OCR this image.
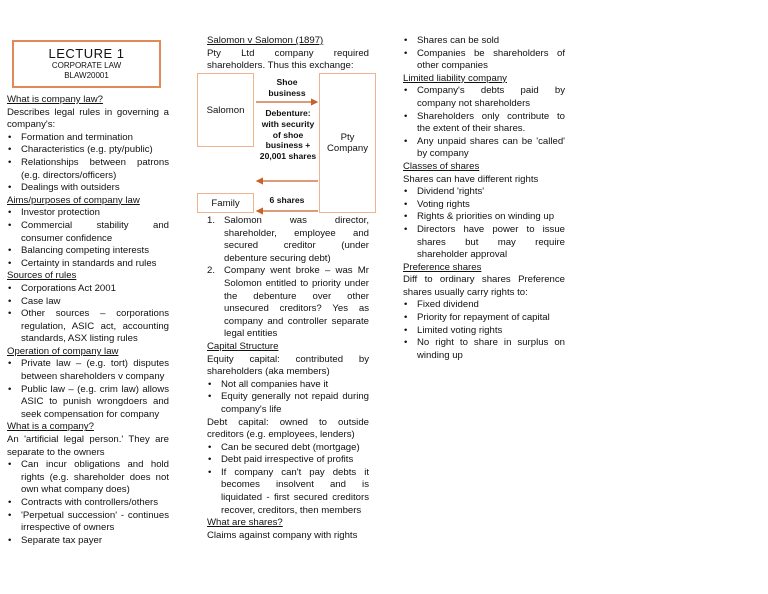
LECTURE 1
CORPORATE LAW
BLAW20001

What is company law?

Describes legal rules in governing a company's:

• Formation and termination
• Characteristics (e.g. pty/public)
• Relationships between patrons (e.g. directors/officers)
• Dealings with outsiders

Aims/purposes of company law

• Investor protection
• Commercial stability and consumer confidence
• Balancing competing interests
• Certainty in standards and rules

Sources of rules

• Corporations Act 2001
• Case law
• Other sources – corporations regulation, ASIC act, accounting standards, ASX listing rules

Operation of company law

• Private law – (e.g. tort) disputes between shareholders v company
• Public law – (e.g. crim law) allows ASIC to punish wrongdoers and seek compensation for company

What is a company?

An 'artificial legal person.' They are separate to the owners

• Can incur obligations and hold rights (e.g. shareholder does not own what company does)
• Contracts with controllers/others
• 'Perpetual succession' - continues irrespective of owners
• Separate tax payer

Salomon v Salomon (1897)

Pty Ltd company required shareholders. Thus this exchange:

Salomon
Pty Company
Family
Shoe business
Debenture: with security of shoe business + 20,001 shares
6 shares
Salomon was director, shareholder, employee and secured creditor (under debenture securing debt)
Company went broke – was Mr Solomon entitled to priority under the debenture over other unsecured creditors? Yes as company and controller separate legal entities

Capital Structure

Equity capital: contributed by shareholders (aka members)

• Not all companies have it
• Equity generally not repaid during company's life

Debt capital: owned to outside creditors (e.g. employees, lenders)

• Can be secured debt (mortgage)
• Debt paid irrespective of profits
• If company can't pay debts it becomes insolvent and is liquidated - first secured creditors recover, creditors, then members

What are shares?

Claims against company with rights

• Shares can be sold
• Companies be shareholders of other companies

Limited liability company

• Company's debts paid by company not shareholders
• Shareholders only contribute to the extent of their shares.
• Any unpaid shares can be 'called' by company

Classes of shares

Shares can have different rights

• Dividend 'rights'
• Voting rights
• Rights & priorities on winding up
• Directors have power to issue shares but may require shareholder approval

Preference shares

Diff to ordinary shares Preference shares usually carry rights to:

• Fixed dividend
• Priority for repayment of capital
• Limited voting rights
• No right to share in surplus on winding up
